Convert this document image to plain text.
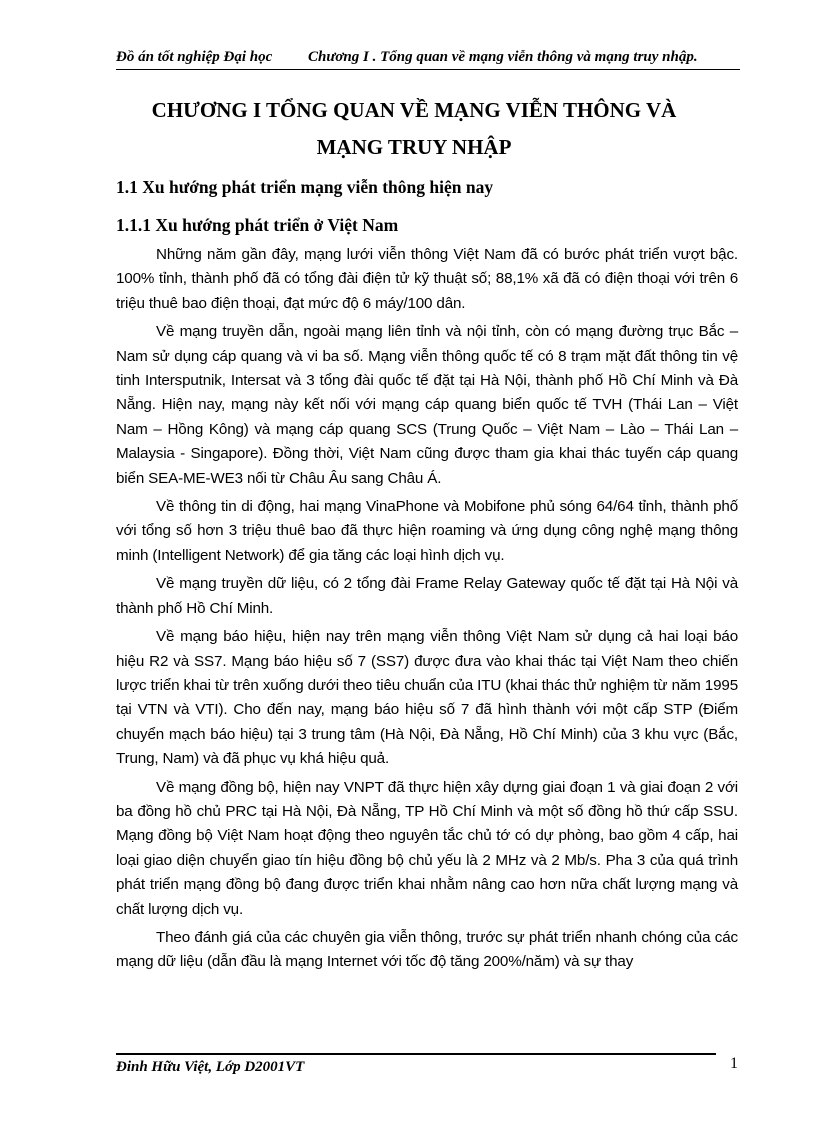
Đồ án tốt nghiệp Đại học Chương I . Tổng quan về mạng viễn thông và mạng truy nhập.
CHƯƠNG I TỔNG QUAN VỀ MẠNG VIỄN THÔNG VÀ
MẠNG TRUY NHẬP
1.1 Xu hướng phát triển mạng viễn thông hiện nay
1.1.1 Xu hướng phát triển ở Việt Nam

Những năm gần đây, mạng lưới viễn thông Việt Nam đã có bước phát triển vượt bậc. 100% tỉnh, thành phố đã có tổng đài điện tử kỹ thuật số; 88,1% xã đã có điện thoại với trên 6 triệu thuê bao điện thoại, đạt mức độ 6 máy/100 dân.

Về mạng truyền dẫn, ngoài mạng liên tỉnh và nội tỉnh, còn có mạng đường trục Bắc – Nam sử dụng cáp quang và vi ba số. Mạng viễn thông quốc tế có 8 trạm mặt đất thông tin vệ tinh Intersputnik, Intersat và 3 tổng đài quốc tế đặt tại Hà Nội, thành phố Hồ Chí Minh và Đà Nẵng. Hiện nay, mạng này kết nối với mạng cáp quang biển quốc tế TVH (Thái Lan – Việt Nam – Hồng Kông) và mạng cáp quang SCS (Trung Quốc – Việt Nam – Lào – Thái Lan – Malaysia - Singapore). Đồng thời, Việt Nam cũng được tham gia khai thác tuyến cáp quang biển SEA-ME-WE3 nối từ Châu Âu sang Châu Á.

Về thông tin di động, hai mạng VinaPhone và Mobifone phủ sóng 64/64 tỉnh, thành phố với tổng số hơn 3 triệu thuê bao đã thực hiện roaming và ứng dụng công nghệ mạng thông minh (Intelligent Network) để gia tăng các loại hình dịch vụ.

Về mạng truyền dữ liệu, có 2 tổng đài Frame Relay Gateway quốc tế đặt tại Hà Nội và thành phố Hồ Chí Minh.

Về mạng báo hiệu, hiện nay trên mạng viễn thông Việt Nam sử dụng cả hai loại báo hiệu R2 và SS7. Mạng báo hiệu số 7 (SS7) được đưa vào khai thác tại Việt Nam theo chiến lược triển khai từ trên xuống dưới theo tiêu chuẩn của ITU (khai thác thử nghiệm từ năm 1995 tại VTN và VTI). Cho đến nay, mạng báo hiệu số 7 đã hình thành với một cấp STP (Điểm chuyển mạch báo hiệu) tại 3 trung tâm (Hà Nội, Đà Nẵng, Hồ Chí Minh) của 3 khu vực (Bắc, Trung, Nam) và đã phục vụ khá hiệu quả.

Về mạng đồng bộ, hiện nay VNPT đã thực hiện xây dựng giai đoạn 1 và giai đoạn 2 với ba đồng hồ chủ PRC tại Hà Nội, Đà Nẵng, TP Hồ Chí Minh và một số đồng hồ thứ cấp SSU. Mạng đồng bộ Việt Nam hoạt động theo nguyên tắc chủ tớ có dự phòng, bao gồm 4 cấp, hai loại giao diện chuyển giao tín hiệu đồng bộ chủ yếu là 2 MHz và 2 Mb/s. Pha 3 của quá trình phát triển mạng đồng bộ đang được triển khai nhằm nâng cao hơn nữa chất lượng mạng và chất lượng dịch vụ.

Theo đánh giá của các chuyên gia viễn thông, trước sự phát triển nhanh chóng của các mạng dữ liệu (dẫn đầu là mạng Internet với tốc độ tăng 200%/năm) và sự thay

Đinh Hữu Việt, Lớp D2001VT	1
